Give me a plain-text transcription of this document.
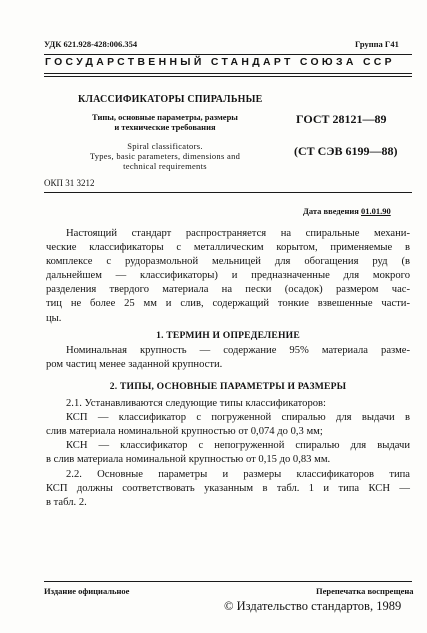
УДК 621.928-428:006.354	Группа Г41
ГОСУДАРСТВЕННЫЙ СТАНДАРТ СОЮЗА ССР
КЛАССИФИКАТОРЫ СПИРАЛЬНЫЕ
Типы, основные параметры, размеры
и технические требования
Spiral classificators.
Types, basic parameters, dimensions and
technical requirements
ГОСТ 28121—89
(СТ СЭВ 6199—88)
ОКП 31 3212
Дата введения 01.01.90
Настоящий стандарт распространяется на спиральные механи-
ческие классификаторы с металлическим корытом, применяемые в
комплексе с рудоразмольной мельницей для обогащения руд (в
дальнейшем — классификаторы) и предназначенные для мокрого
разделения твердого материала на пески (осадок) размером час-
тиц не более 25 мм и слив, содержащий тонкие взвешенные части-
цы.
1. ТЕРМИН И ОПРЕДЕЛЕНИЕ
Номинальная крупность — содержание 95% материала разме-
ром частиц менее заданной крупности.
2. ТИПЫ, ОСНОВНЫЕ ПАРАМЕТРЫ И РАЗМЕРЫ
2.1. Устанавливаются следующие типы классификаторов:
КСП — классификатор с погруженной спиралью для выдачи в
слив материала номинальной крупностью от 0,074 до 0,3 мм;
КСН — классификатор с непогруженной спиралью для выдачи
в слив материала номинальной крупностью от 0,15 до 0,83 мм.
2.2. Основные параметры и размеры классификаторов типа
КСП должны соответствовать указанным в табл. 1 и типа КСН —
в табл. 2.
Издание официальное	Перепечатка воспрещена
© Издательство стандартов, 1989
